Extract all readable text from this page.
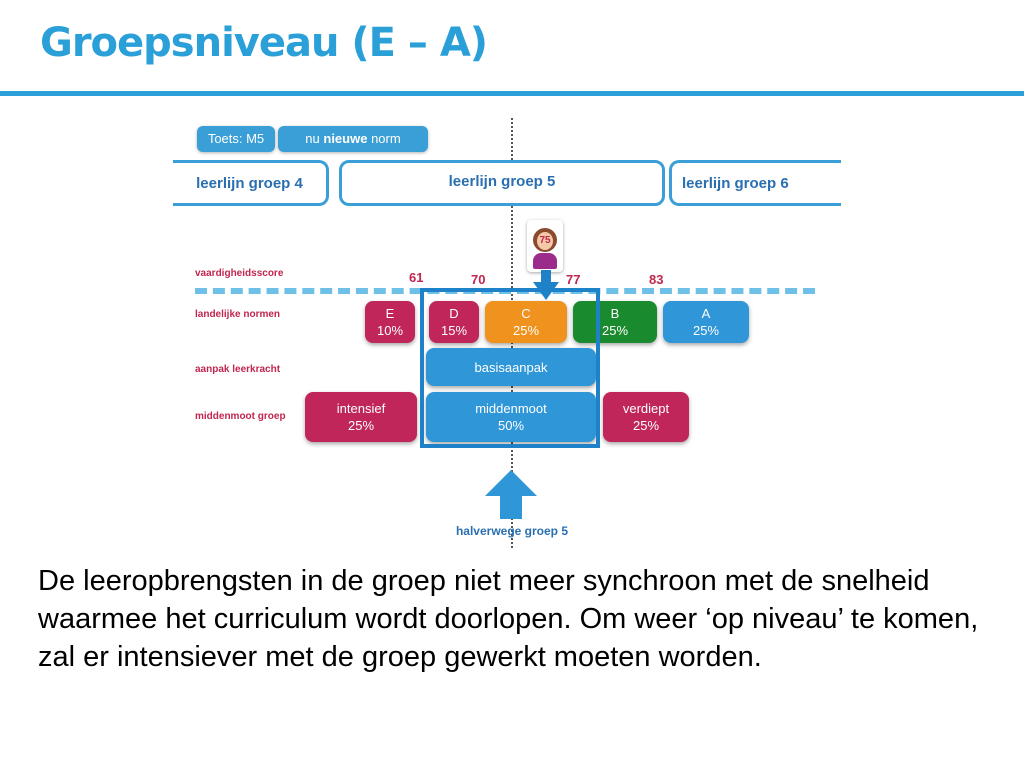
Groepsniveau (E – A)
Toets: M5	nu nieuwe norm
leerlijn groep 4	leerlijn groep 5	leerlijn groep 6
75
vaardigheidsscore
landelijke normen
aanpak leerkracht
middenmoot groep
61	70	77	83
E
10%
D
15%
C
25%
B
25%
A
25%
basisaanpak
intensief
25%
middenmoot
50%
verdiept
25%
halverwege groep 5
De leeropbrengsten in de groep niet meer synchroon met de snelheid waarmee het curriculum wordt doorlopen. Om weer ‘op niveau’ te komen, zal er intensiever met de groep gewerkt moeten worden.
